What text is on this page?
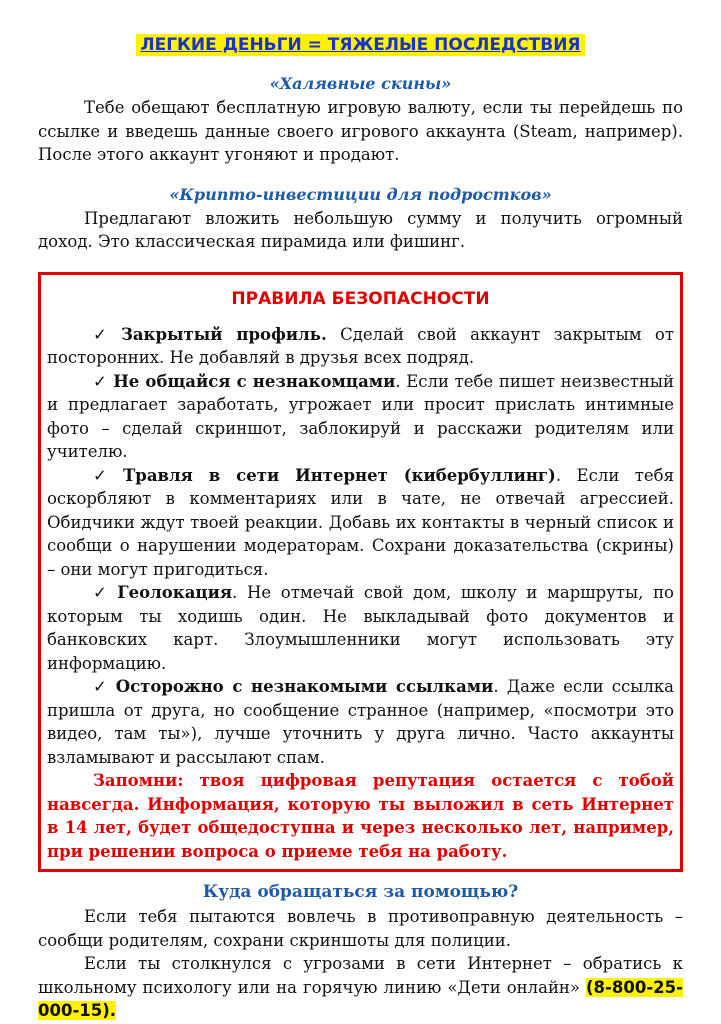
ЛЕГКИЕ ДЕНЬГИ = ТЯЖЕЛЫЕ ПОСЛЕДСТВИЯ
«Халявные скины»

Тебе обещают бесплатную игровую валюту, если ты перейдешь по ссылке и введешь данные своего игрового аккаунта (Steam, например). После этого аккаунт угоняют и продают.

«Крипто-инвестиции для подростков»

Предлагают вложить небольшую сумму и получить огромный доход. Это классическая пирамида или фишинг.

ПРАВИЛА БЕЗОПАСНОСТИ

✓ Закрытый профиль. Сделай свой аккаунт закрытым от посторонних. Не добавляй в друзья всех подряд.

✓ Не общайся с незнакомцами. Если тебе пишет неизвестный и предлагает заработать, угрожает или просит прислать интимные фото – сделай скриншот, заблокируй и расскажи родителям или учителю.

✓ Травля в сети Интернет (кибербуллинг). Если тебя оскорбляют в комментариях или в чате, не отвечай агрессией. Обидчики ждут твоей реакции. Добавь их контакты в черный список и сообщи о нарушении модераторам. Сохрани доказательства (скрины) – они могут пригодиться.

✓ Геолокация. Не отмечай свой дом, школу и маршруты, по которым ты ходишь один. Не выкладывай фото документов и банковских карт. Злоумышленники могут использовать эту информацию.

✓ Осторожно с незнакомыми ссылками. Даже если ссылка пришла от друга, но сообщение странное (например, «посмотри это видео, там ты»), лучше уточнить у друга лично. Часто аккаунты взламывают и рассылают спам.

Запомни: твоя цифровая репутация остается с тобой навсегда. Информация, которую ты выложил в сеть Интернет в 14 лет, будет общедоступна и через несколько лет, например, при решении вопроса о приеме тебя на работу.
Куда обращаться за помощью?

Если тебя пытаются вовлечь в противоправную деятельность – сообщи родителям, сохрани скриншоты для полиции.

Если ты столкнулся с угрозами в сети Интернет – обратись к школьному психологу или на горячую линию «Дети онлайн» (8-800-25-000-15).
